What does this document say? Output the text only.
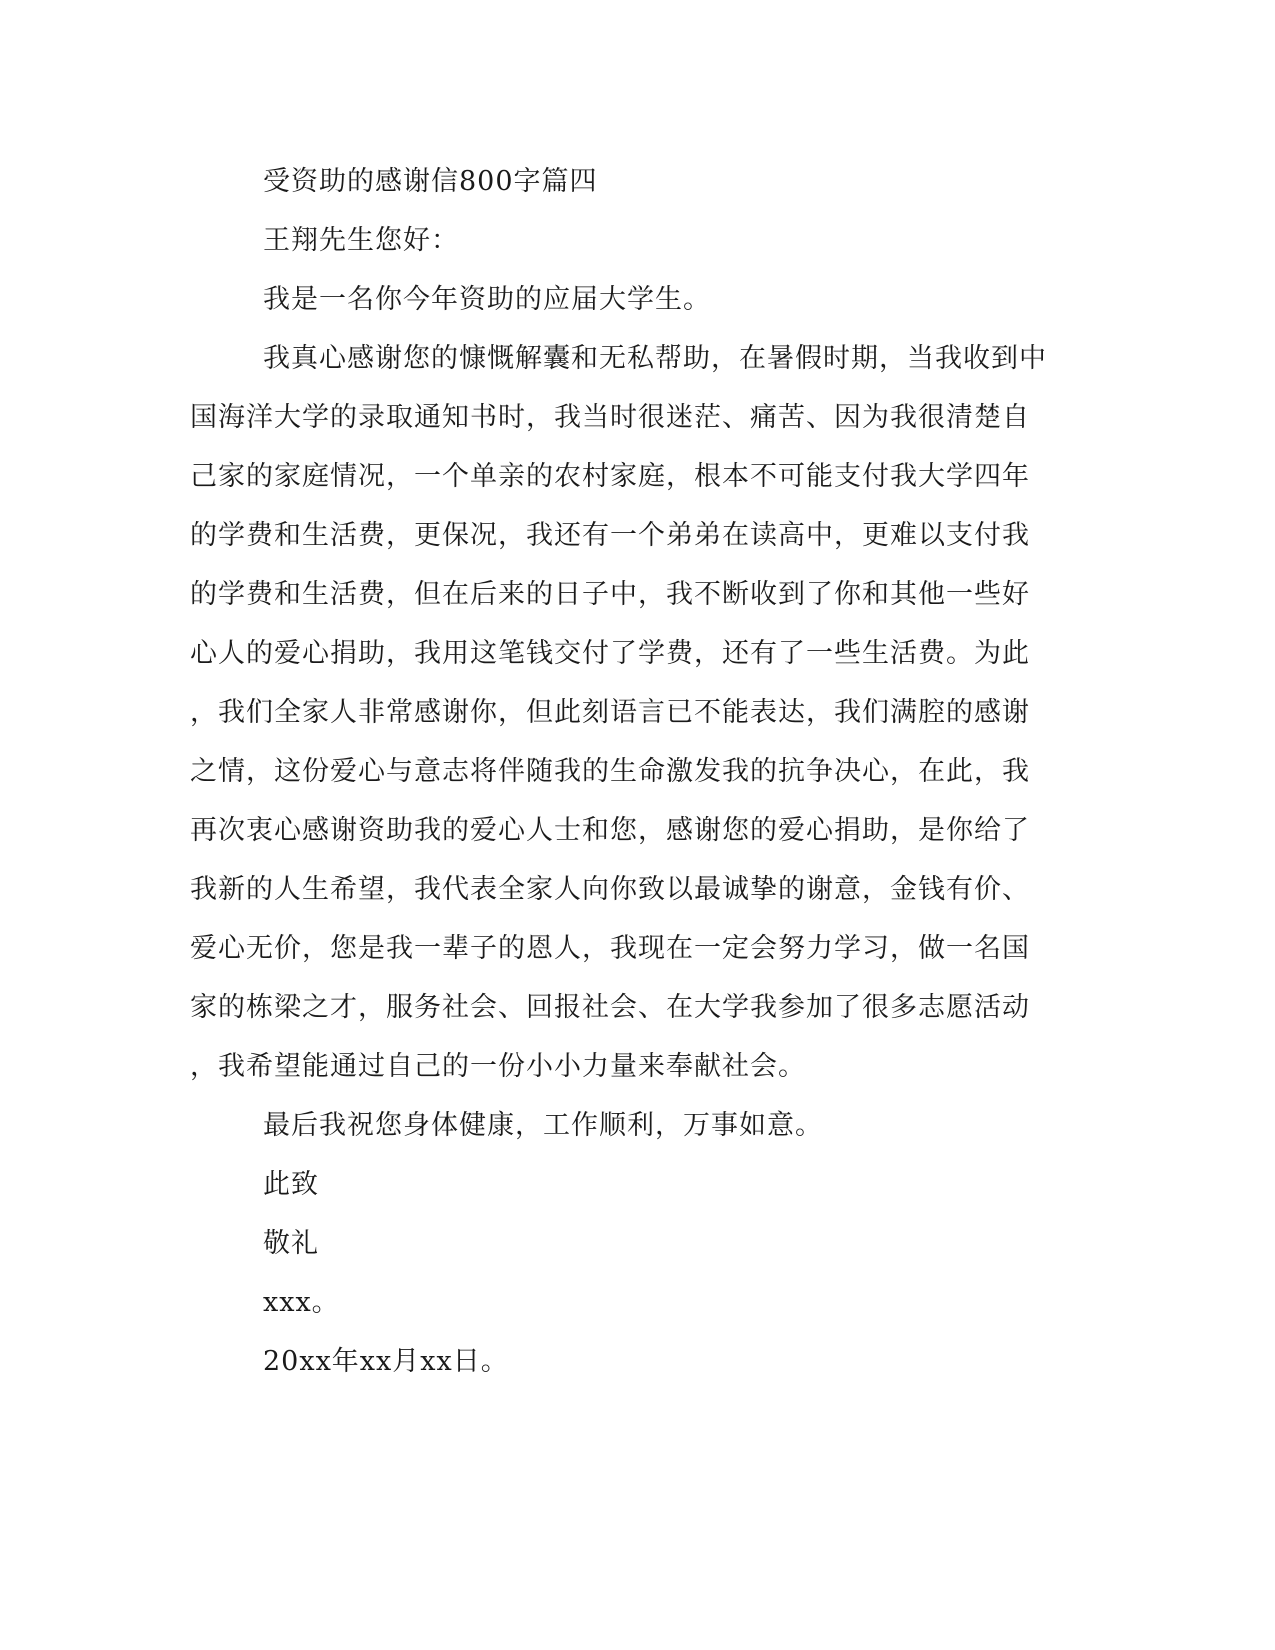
受资助的感谢信800字篇四
王翔先生您好：
我是一名你今年资助的应届大学生。
我真心感谢您的慷慨解囊和无私帮助，在暑假时期，当我收到中
国海洋大学的录取通知书时，我当时很迷茫、痛苦、因为我很清楚自
己家的家庭情况，一个单亲的农村家庭，根本不可能支付我大学四年
的学费和生活费，更保况，我还有一个弟弟在读高中，更难以支付我
的学费和生活费，但在后来的日子中，我不断收到了你和其他一些好
心人的爱心捐助，我用这笔钱交付了学费，还有了一些生活费。为此
，我们全家人非常感谢你，但此刻语言已不能表达，我们满腔的感谢
之情，这份爱心与意志将伴随我的生命激发我的抗争决心，在此，我
再次衷心感谢资助我的爱心人士和您，感谢您的爱心捐助，是你给了
我新的人生希望，我代表全家人向你致以最诚挚的谢意，金钱有价、
爱心无价，您是我一辈子的恩人，我现在一定会努力学习，做一名国
家的栋梁之才，服务社会、回报社会、在大学我参加了很多志愿活动
，我希望能通过自己的一份小小力量来奉献社会。
最后我祝您身体健康，工作顺利，万事如意。
此致
敬礼
xxx。
20xx年xx月xx日。
